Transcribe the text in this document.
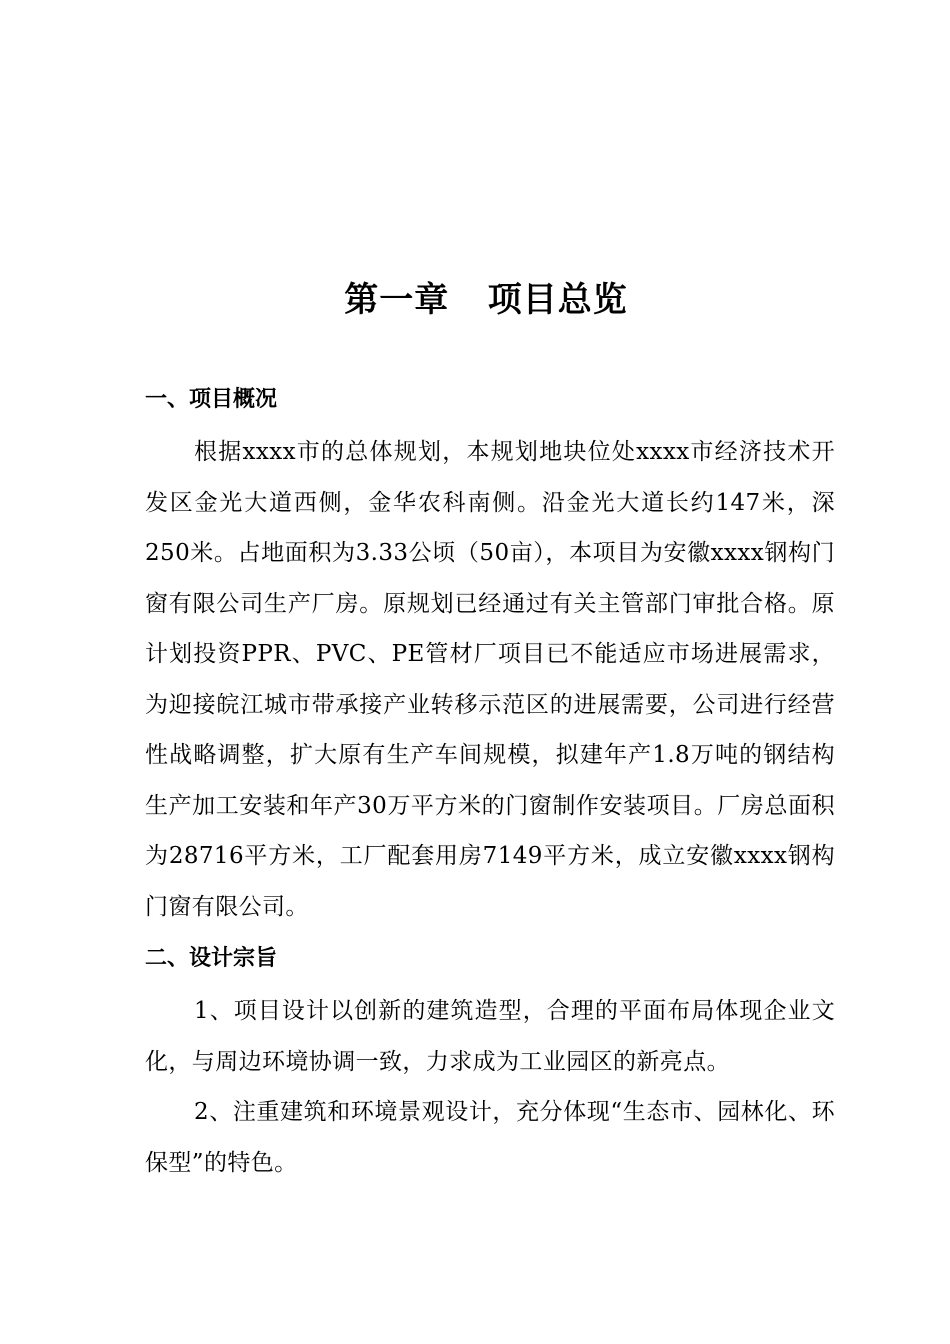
第一章   项目总览
一、项目概况

根据xxxx市的总体规划，本规划地块位处xxxx市经济技术开发区金光大道西侧，金华农科南侧。沿金光大道长约147米，深250米。占地面积为3.33公顷（50亩），本项目为安徽xxxx钢构门窗有限公司生产厂房。原规划已经通过有关主管部门审批合格。原计划投资PPR、PVC、PE管材厂项目已不能适应市场进展需求，为迎接皖江城市带承接产业转移示范区的进展需要，公司进行经营性战略调整，扩大原有生产车间规模，拟建年产1.8万吨的钢结构生产加工安装和年产30万平方米的门窗制作安装项目。厂房总面积为28716平方米，工厂配套用房7149平方米，成立安徽xxxx钢构门窗有限公司。

二、设计宗旨

1、项目设计以创新的建筑造型，合理的平面布局体现企业文化，与周边环境协调一致，力求成为工业园区的新亮点。

2、注重建筑和环境景观设计，充分体现“生态市、园林化、环保型”的特色。
